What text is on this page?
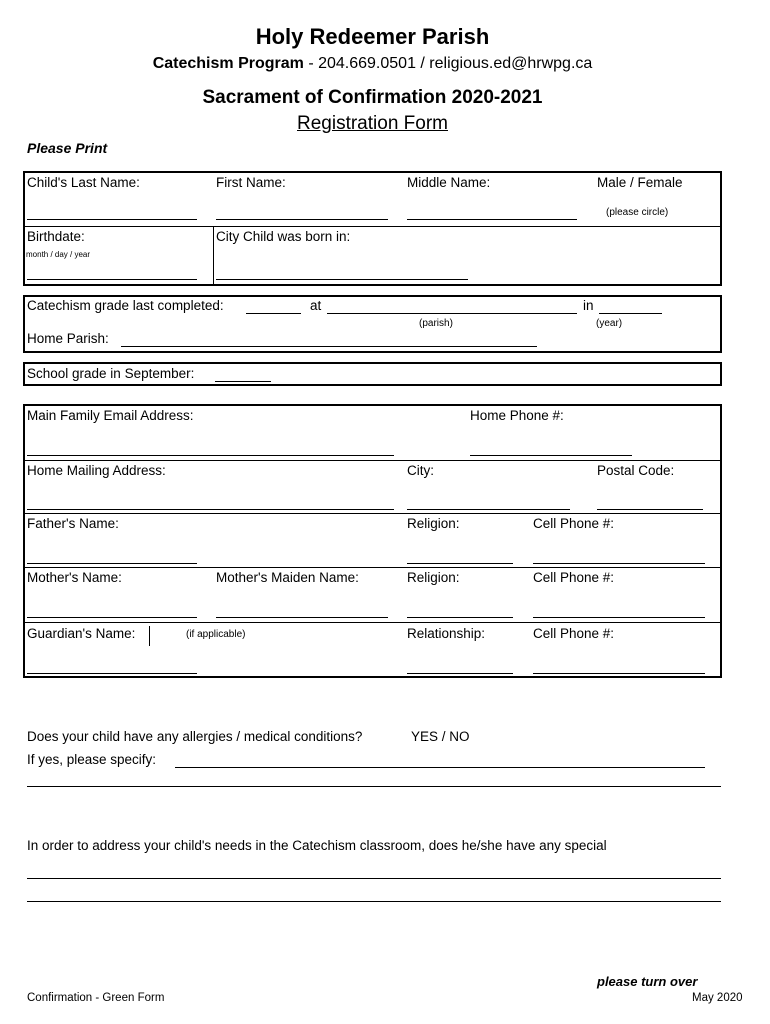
Holy Redeemer Parish
Catechism Program - 204.669.0501 / religious.ed@hrwpg.ca
Sacrament of Confirmation 2020-2021
Registration Form
Please Print
Child's Last Name:	First Name:	Middle Name:	Male / Female
(please circle)
Birthdate:
month / day / year
City Child was born in:
Catechism grade last completed:	at	in
(parish)	(year)
Home Parish:
School grade in September:
Main Family Email Address:	Home Phone #:
Home Mailing Address:	City:	Postal Code:
Father's Name:	Religion:	Cell Phone #:
Mother's Name:	Mother's Maiden Name:	Religion:	Cell Phone #:
Guardian's Name:	(if applicable)	Relationship:	Cell Phone #:
Does your child have any allergies / medical conditions?	YES / NO
If yes, please specify:
In order to address your child's needs in the Catechism classroom, does he/she have any special
Confirmation - Green Form
please turn over
May 2020
